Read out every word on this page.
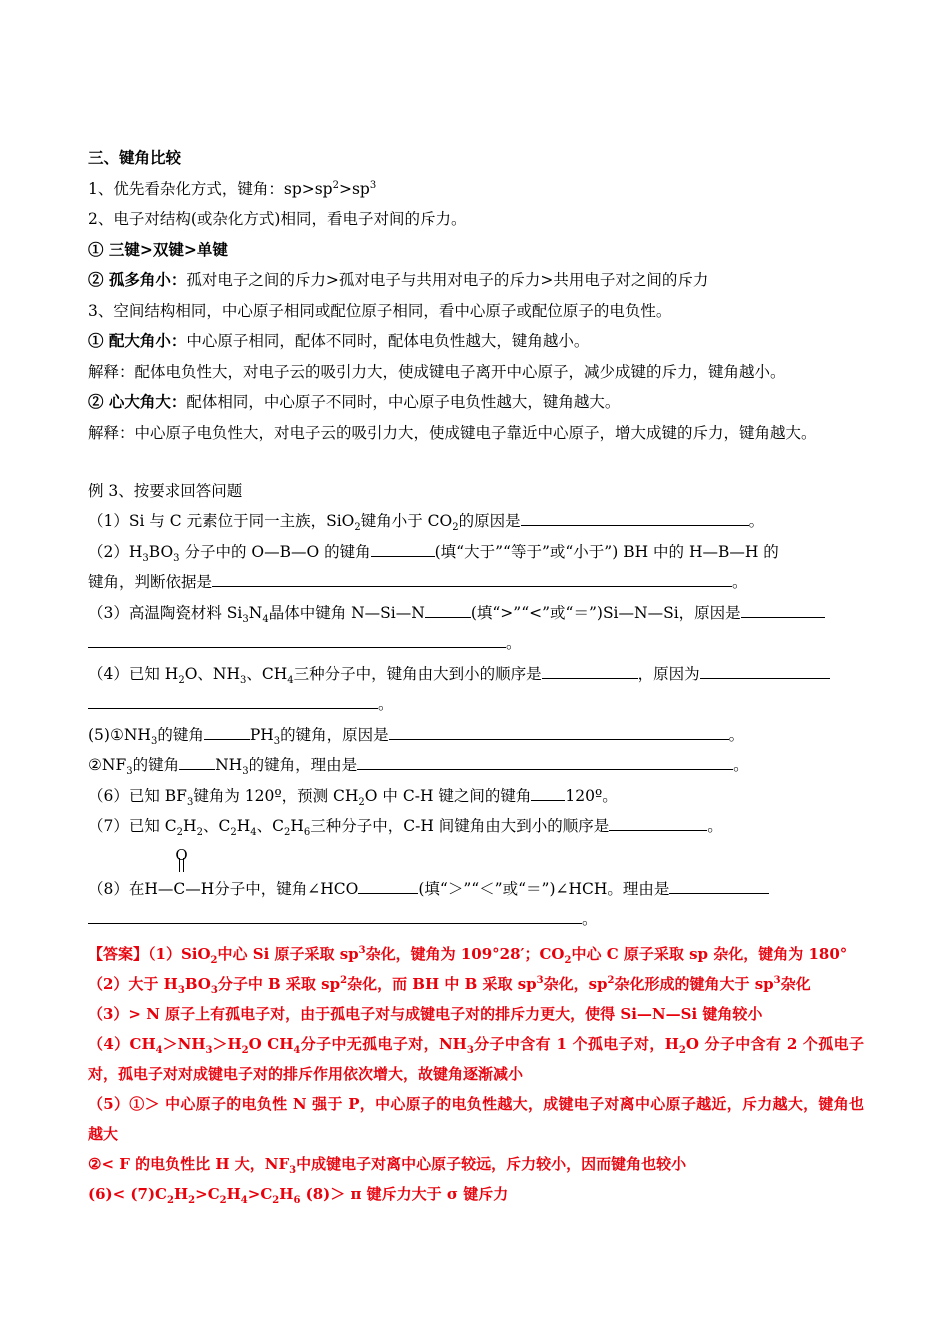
三、键角比较
1、优先看杂化方式，键角：$sp>sp^2>sp^3$
2、电子对结构(或杂化方式)相同，看电子对间的斥力。
① 三键>双键>单键
② 孤多角小：孤对电子之间的斥力>孤对电子与共用对电子的斥力>共用电子对之间的斥力
3、空间结构相同，中心原子相同或配位原子相同，看中心原子或配位原子的电负性。
① 配大角小：中心原子相同，配体不同时，配体电负性越大，键角越小。
解释：配体电负性大，对电子云的吸引力大，使成键电子离开中心原子，减少成键的斥力，键角越小。
② 心大角大：配体相同，中心原子不同时，中心原子电负性越大，键角越大。
解释：中心原子电负性大，对电子云的吸引力大，使成键电子靠近中心原子，增大成键的斥力，键角越大。
例 3、按要求回答问题
（1）Si 与 C 元素位于同一主族，SiO$_2$键角小于 $CO_2$的原因是	。
$(2)H_3BO_3$ 分子中的 O—B—O 的键角	(填“大于”“等于”或“小于”) BH 中的 H—B—H 的
键角，判断依据是	。
（3）高温陶瓷材料 $Si_3N_4$晶体中键角 N—Si—N	(填“>”“<”或“＝”)Si—N—Si，原因是
。
（4）已知 $H_2O$、$NH_3$、$CH_4$三种分子中，键角由大到小的顺序是	，原因为
。
$(5)①NH_3$的键角	$PH_3$的键角，原因是	。
$②NF_3$的键角 $NH_3$的键角，理由是	。
（6）已知 $BF_3$键角为 120º，预测 $CH_2O$ 中 C-H 键之间的键角 120º。
（7）已知 $C_2H_2$、$C_2H_4$、$C_2H_6$三种分子中，C-H 间键角由大到小的顺序是	。
（8）在
O
H—C—H分子中，键角∠HCO	(填“＞”“＜”或“＝”)∠HCH。理由是
。
【答案】（1）SiO$_2$中心 Si 原子采取 $sp^3$杂化，键角为 109°28′；$CO_2$中心 C 原子采取 sp 杂化，键角为 180°
（2）大于 $H_3BO_3$分子中 B 采取 $sp^2$杂化，而 BH 中 B 采取 $sp^3$杂化，$sp^2$杂化形成的键角大于 $sp^3$杂化
（3）> N 原子上有孤电子对，由于孤电子对与成键电子对的排斥力更大，使得 Si—N—Si 键角较小
$(4)CH_4>NH_3>H_2O$ $CH_4$分子中无孤电子对，$NH_3$分子中含有 1 个孤电子对，$H_2O$ 分子中含有 2 个孤电子对，孤电子对对成键电子对的排斥作用依次增大，故键角逐渐减小
（5）①＞ 中心原子的电负性 N 强于 P，中心原子的电负性越大，成键电子对离中心原子越近，斥力越大，键角也越大
②< F 的电负性比 H 大，$NF_3$中成键电子对离中心原子较远，斥力较小，因而键角也较小
$(6)< (7)C_2H_2>C_2H_4>C_2H_6$ (8)＞ π 键斥力大于 σ 键斥力
